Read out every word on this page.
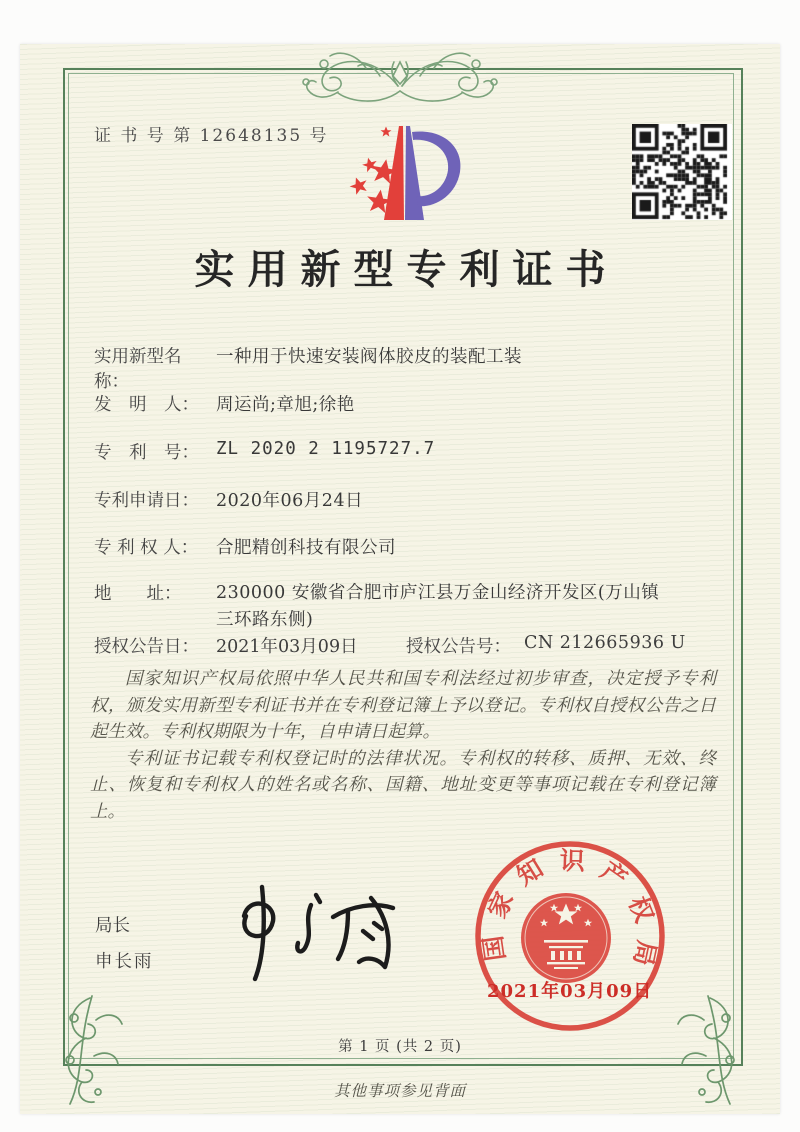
证 书 号 第 12648135 号
实用新型专利证书
实用新型名称：一种用于快速安装阀体胶皮的装配工装
发　明　人： 周运尚;章旭;徐艳
专　利　号： ZL 2020 2 1195727.7
专利申请日： 2020年06月24日
专 利 权 人： 合肥精创科技有限公司
地　　址： 230000 安徽省合肥市庐江县万金山经济开发区(万山镇三环路东侧)
授权公告日： 2021年03月09日	授权公告号： CN 212665936 U

国家知识产权局依照中华人民共和国专利法经过初步审查，决定授予专利权，颁发实用新型专利证书并在专利登记簿上予以登记。专利权自授权公告之日起生效。专利权期限为十年，自申请日起算。

专利证书记载专利权登记时的法律状况。专利权的转移、质押、无效、终止、恢复和专利权人的姓名或名称、国籍、地址变更等事项记载在专利登记簿上。

局长
申长雨	国家知识产权局
2021年03月09日
第 1 页 (共 2 页)
其他事项参见背面
